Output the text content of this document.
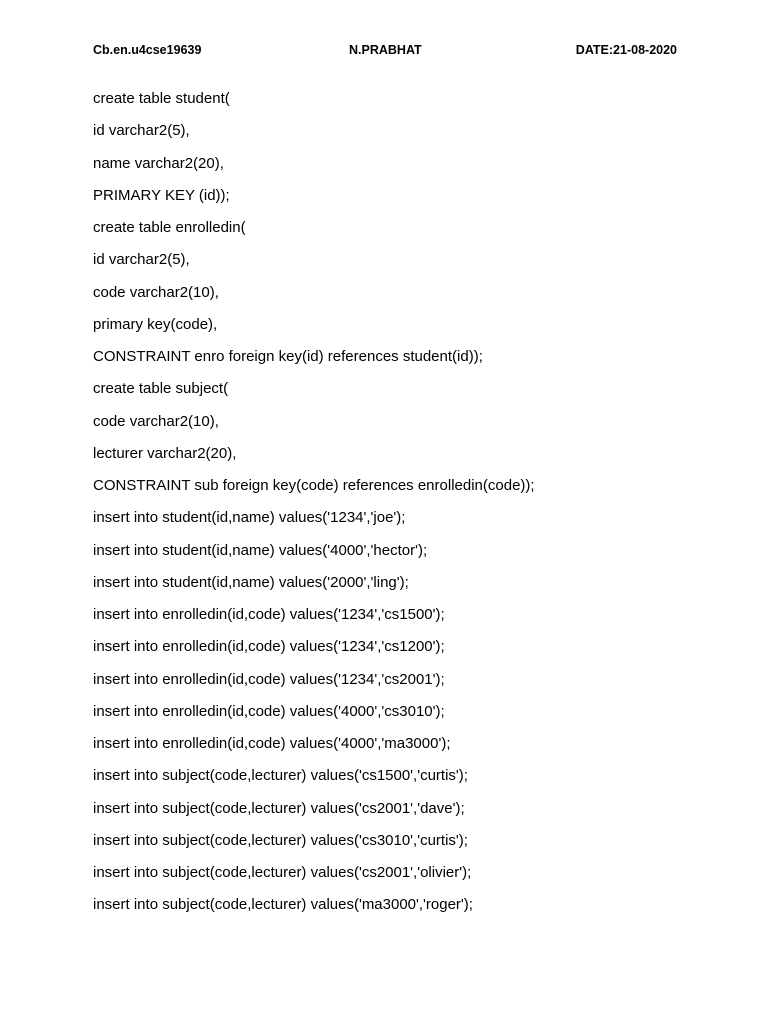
Cb.en.u4cse19639	N.PRABHAT	DATE:21-08-2020
create table student(
id varchar2(5),
name varchar2(20),
PRIMARY KEY (id));
create table enrolledin(
id varchar2(5),
code varchar2(10),
primary key(code),
CONSTRAINT enro foreign key(id) references student(id));
create table subject(
code varchar2(10),
lecturer varchar2(20),
CONSTRAINT sub foreign key(code) references enrolledin(code));
insert into student(id,name) values('1234','joe');
insert into student(id,name) values('4000','hector');
insert into student(id,name) values('2000','ling');
insert into enrolledin(id,code) values('1234','cs1500');
insert into enrolledin(id,code) values('1234','cs1200');
insert into enrolledin(id,code) values('1234','cs2001');
insert into enrolledin(id,code) values('4000','cs3010');
insert into enrolledin(id,code) values('4000','ma3000');
insert into subject(code,lecturer) values('cs1500','curtis');
insert into subject(code,lecturer) values('cs2001','dave');
insert into subject(code,lecturer) values('cs3010','curtis');
insert into subject(code,lecturer) values('cs2001','olivier');
insert into subject(code,lecturer) values('ma3000','roger');
